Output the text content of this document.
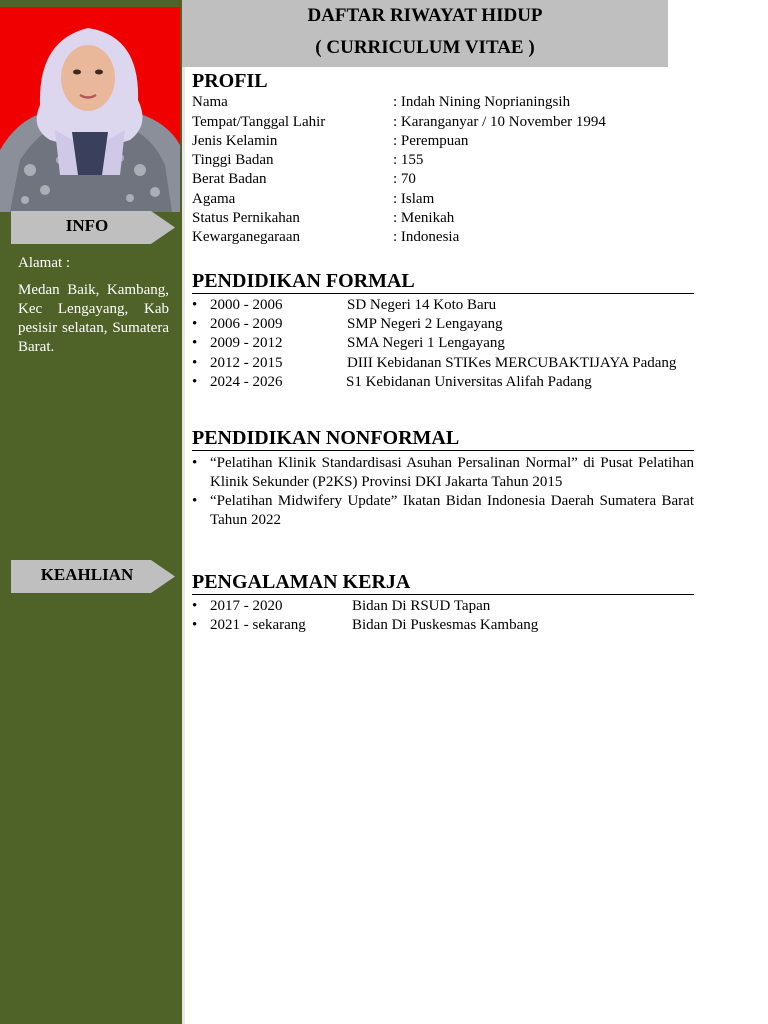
INFO
Alamat :
Medan Baik, Kambang, Kec Lengayang, Kab pesisir selatan, Sumatera Barat.
KEAHLIAN
DAFTAR RIWAYAT HIDUP
( CURRICULUM VITAE )
PROFIL
Nama	: Indah Nining Noprianingsih
Tempat/Tanggal Lahir	: Karanganyar / 10 November 1994
Jenis Kelamin	: Perempuan
Tinggi Badan	: 155
Berat Badan	: 70
Agama	: Islam
Status Pernikahan	: Menikah
Kewarganegaraan	: Indonesia
PENDIDIKAN FORMAL
• 2000 - 2006	SD Negeri 14 Koto Baru
• 2006 - 2009	SMP Negeri 2 Lengayang
• 2009 - 2012	SMA Negeri 1 Lengayang
• 2012 - 2015	DIII Kebidanan STIKes MERCUBAKTIJAYA Padang
• 2024 - 2026	S1 Kebidanan Universitas Alifah Padang
PENDIDIKAN NONFORMAL
• “Pelatihan Klinik Standardisasi Asuhan Persalinan Normal” di Pusat Pelatihan Klinik Sekunder (P2KS) Provinsi DKI Jakarta Tahun 2015
• “Pelatihan Midwifery Update” Ikatan Bidan Indonesia Daerah Sumatera Barat Tahun 2022
PENGALAMAN KERJA
• 2017 - 2020	Bidan Di RSUD Tapan
• 2021 - sekarang	Bidan Di Puskesmas Kambang
